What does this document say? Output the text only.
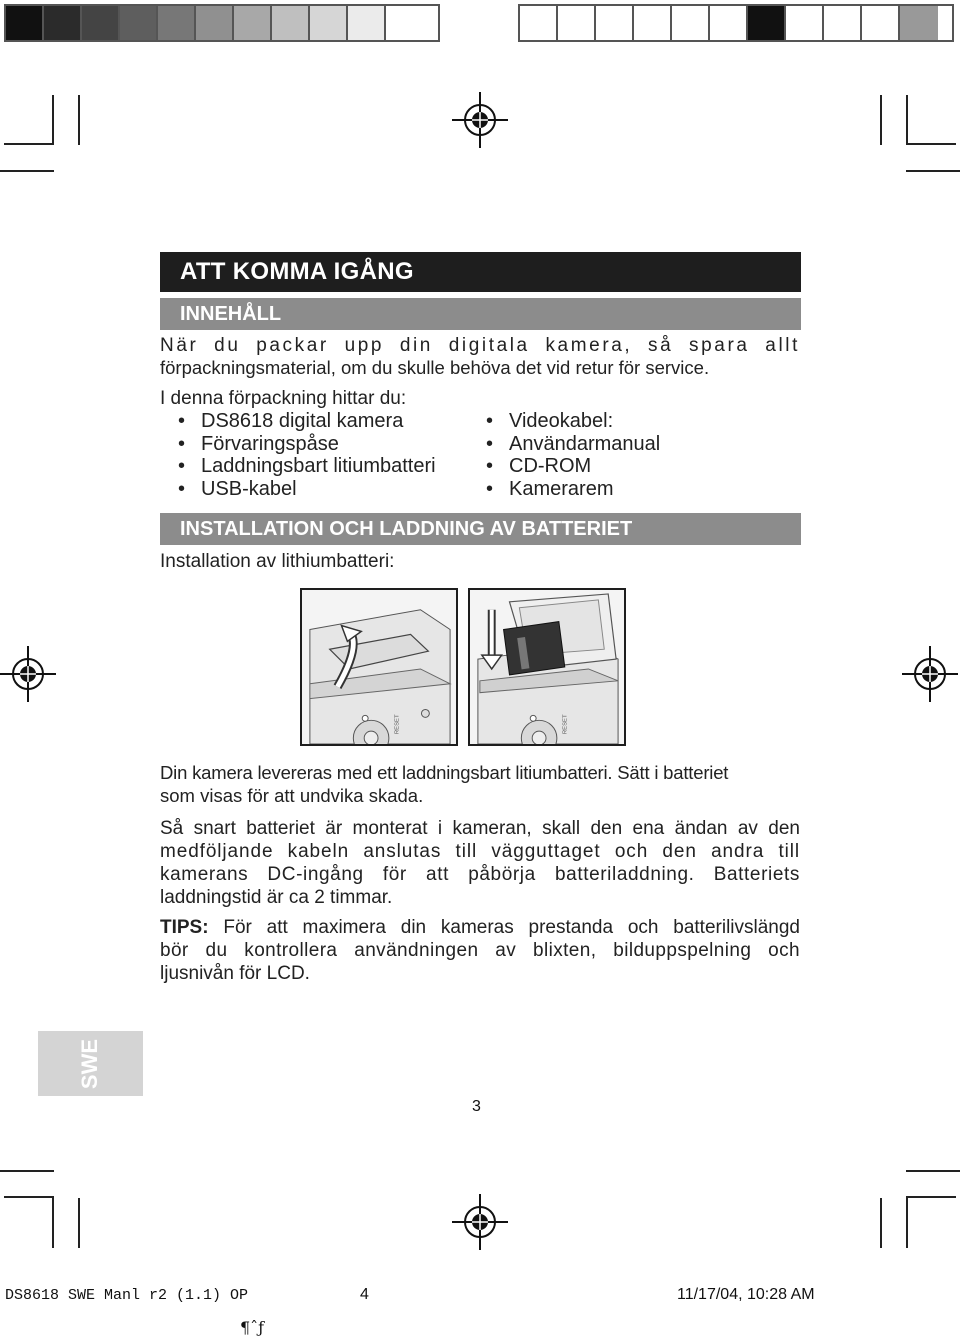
ATT KOMMA IGÅNG
INNEHÅLL
När du packar upp din digitala kamera, så spara allt
förpackningsmaterial, om du skulle behöva det vid retur för service.
I denna förpackning hittar du:
• DS8618 digital kamera
• Förvaringspåse
• Laddningsbart litiumbatteri
• USB-kabel
• Videokabel:
• Användarmanual
• CD-ROM
• Kamerarem
INSTALLATION OCH LADDNING AV BATTERIET
Installation av lithiumbatteri:
RESET	RESET
Din kamera levereras med ett laddningsbart litiumbatteri. Sätt i batteriet
som visas för att undvika skada.
Så snart batteriet är monterat i kameran, skall den ena ändan av den
medföljande kabeln anslutas till vägguttaget och den andra till
kamerans DC-ingång för att påbörja batteriladdning. Batteriets
laddningstid är ca 2 timmar.
TIPS: För att maximera din kameras prestanda och batterilivslängd
bör du kontrollera användningen av blixten, bilduppspelning och
ljusnivån för LCD.
SWE
3
DS8618 SWE Manl r2 (1.1) OP	4	11/17/04, 10:28 AM
¶ˆƒ
